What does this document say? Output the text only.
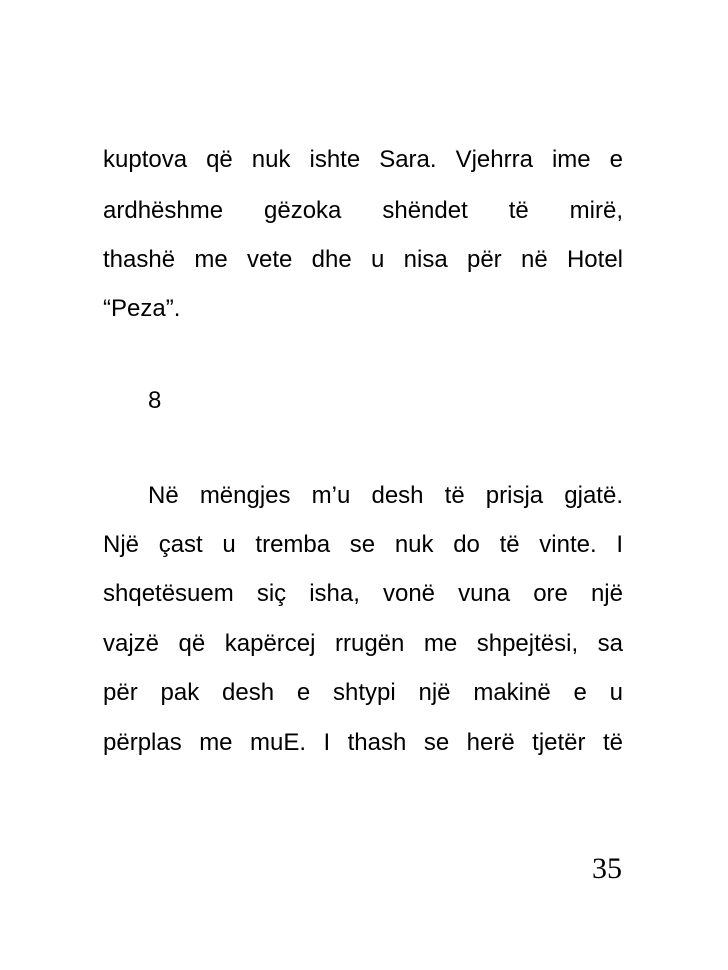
kuptova që nuk ishte Sara. Vjehrra ime e
ardhëshme gëzoka shëndet të mirë,
thashë me vete dhe u nisa për në Hotel
“Peza”.
8
Në mëngjes m’u desh të prisja gjatë.
Një çast u tremba se nuk do të vinte. I
shqetësuem siç isha, vonë vuna ore një
vajzë që kapërcej rrugën me shpejtësi, sa
për pak desh e shtypi një makinë e u
përplas me muE. I thash se herë tjetër të
35
